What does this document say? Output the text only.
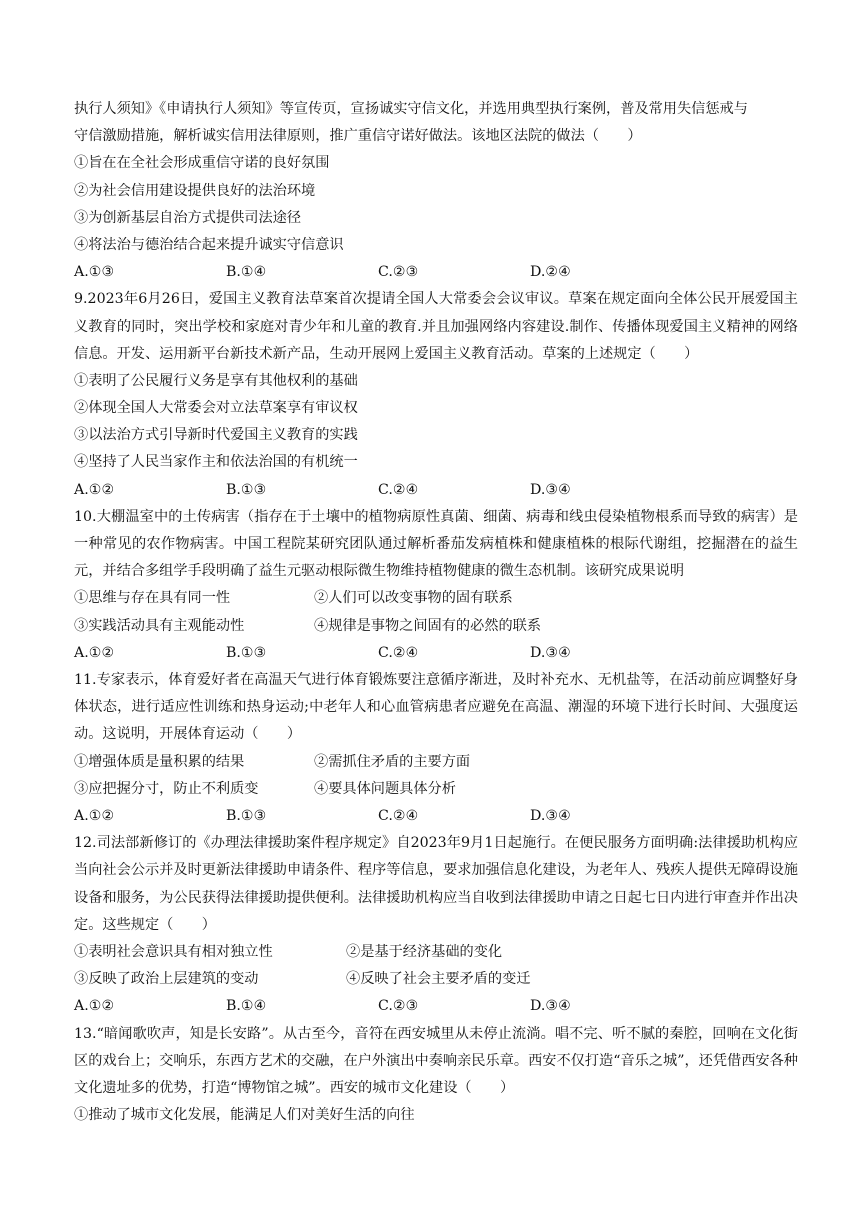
执行人须知》《申请执行人须知》等宣传页，宣扬诚实守信文化，并选用典型执行案例，普及常用失信惩戒与
守信激励措施，解析诚实信用法律原则，推广重信守诺好做法。该地区法院的做法（　　）
①旨在在全社会形成重信守诺的良好氛围
②为社会信用建设提供良好的法治环境
③为创新基层自治方式提供司法途径
④将法治与德治结合起来提升诚实守信意识
A.①③	B.①④	C.②③	D.②④
9.2023年6月26日，爱国主义教育法草案首次提请全国人大常委会会议审议。草案在规定面向全体公民开展爱国主义教育的同时，突出学校和家庭对青少年和儿童的教育.并且加强网络内容建设.制作、传播体现爱国主义精神的网络信息。开发、运用新平台新技术新产品，生动开展网上爱国主义教育活动。草案的上述规定（　　）
①表明了公民履行义务是享有其他权利的基础
②体现全国人大常委会对立法草案享有审议权
③以法治方式引导新时代爱国主义教育的实践
④坚持了人民当家作主和依法治国的有机统一
A.①②	B.①③	C.②④	D.③④
10.大棚温室中的土传病害（指存在于土壤中的植物病原性真菌、细菌、病毒和线虫侵染植物根系而导致的病害）是一种常见的农作物病害。中国工程院某研究团队通过解析番茄发病植株和健康植株的根际代谢组，挖掘潜在的益生元，并结合多组学手段明确了益生元驱动根际微生物维持植物健康的微生态机制。该研究成果说明
①思维与存在具有同一性	②人们可以改变事物的固有联系
③实践活动具有主观能动性	④规律是事物之间固有的必然的联系
A.①②	B.①③	C.②④	D.③④
11.专家表示，体育爱好者在高温天气进行体育锻炼要注意循序渐进，及时补充水、无机盐等，在活动前应调整好身体状态，进行适应性训练和热身运动;中老年人和心血管病患者应避免在高温、潮湿的环境下进行长时间、大强度运动。这说明，开展体育运动（　　）
①增强体质是量积累的结果	②需抓住矛盾的主要方面
③应把握分寸，防止不利质变	④要具体问题具体分析
A.①②	B.①③	C.②④	D.③④
12.司法部新修订的《办理法律援助案件程序规定》自2023年9月1日起施行。在便民服务方面明确:法律援助机构应当向社会公示并及时更新法律援助申请条件、程序等信息，要求加强信息化建设，为老年人、残疾人提供无障碍设施设备和服务，为公民获得法律援助提供便利。法律援助机构应当自收到法律援助申请之日起七日内进行审查并作出决定。这些规定（　　）
①表明社会意识具有相对独立性	②是基于经济基础的变化
③反映了政治上层建筑的变动	④反映了社会主要矛盾的变迁
A.①②	B.①④	C.②③	D.③④
13.“暗闻歌吹声，知是长安路”。从古至今，音符在西安城里从未停止流淌。唱不完、听不腻的秦腔，回响在文化街区的戏台上；交响乐，东西方艺术的交融，在户外演出中奏响亲民乐章。西安不仅打造“音乐之城”，还凭借西安各种文化遗址多的优势，打造“博物馆之城”。西安的城市文化建设（　　）
①推动了城市文化发展，能满足人们对美好生活的向往
